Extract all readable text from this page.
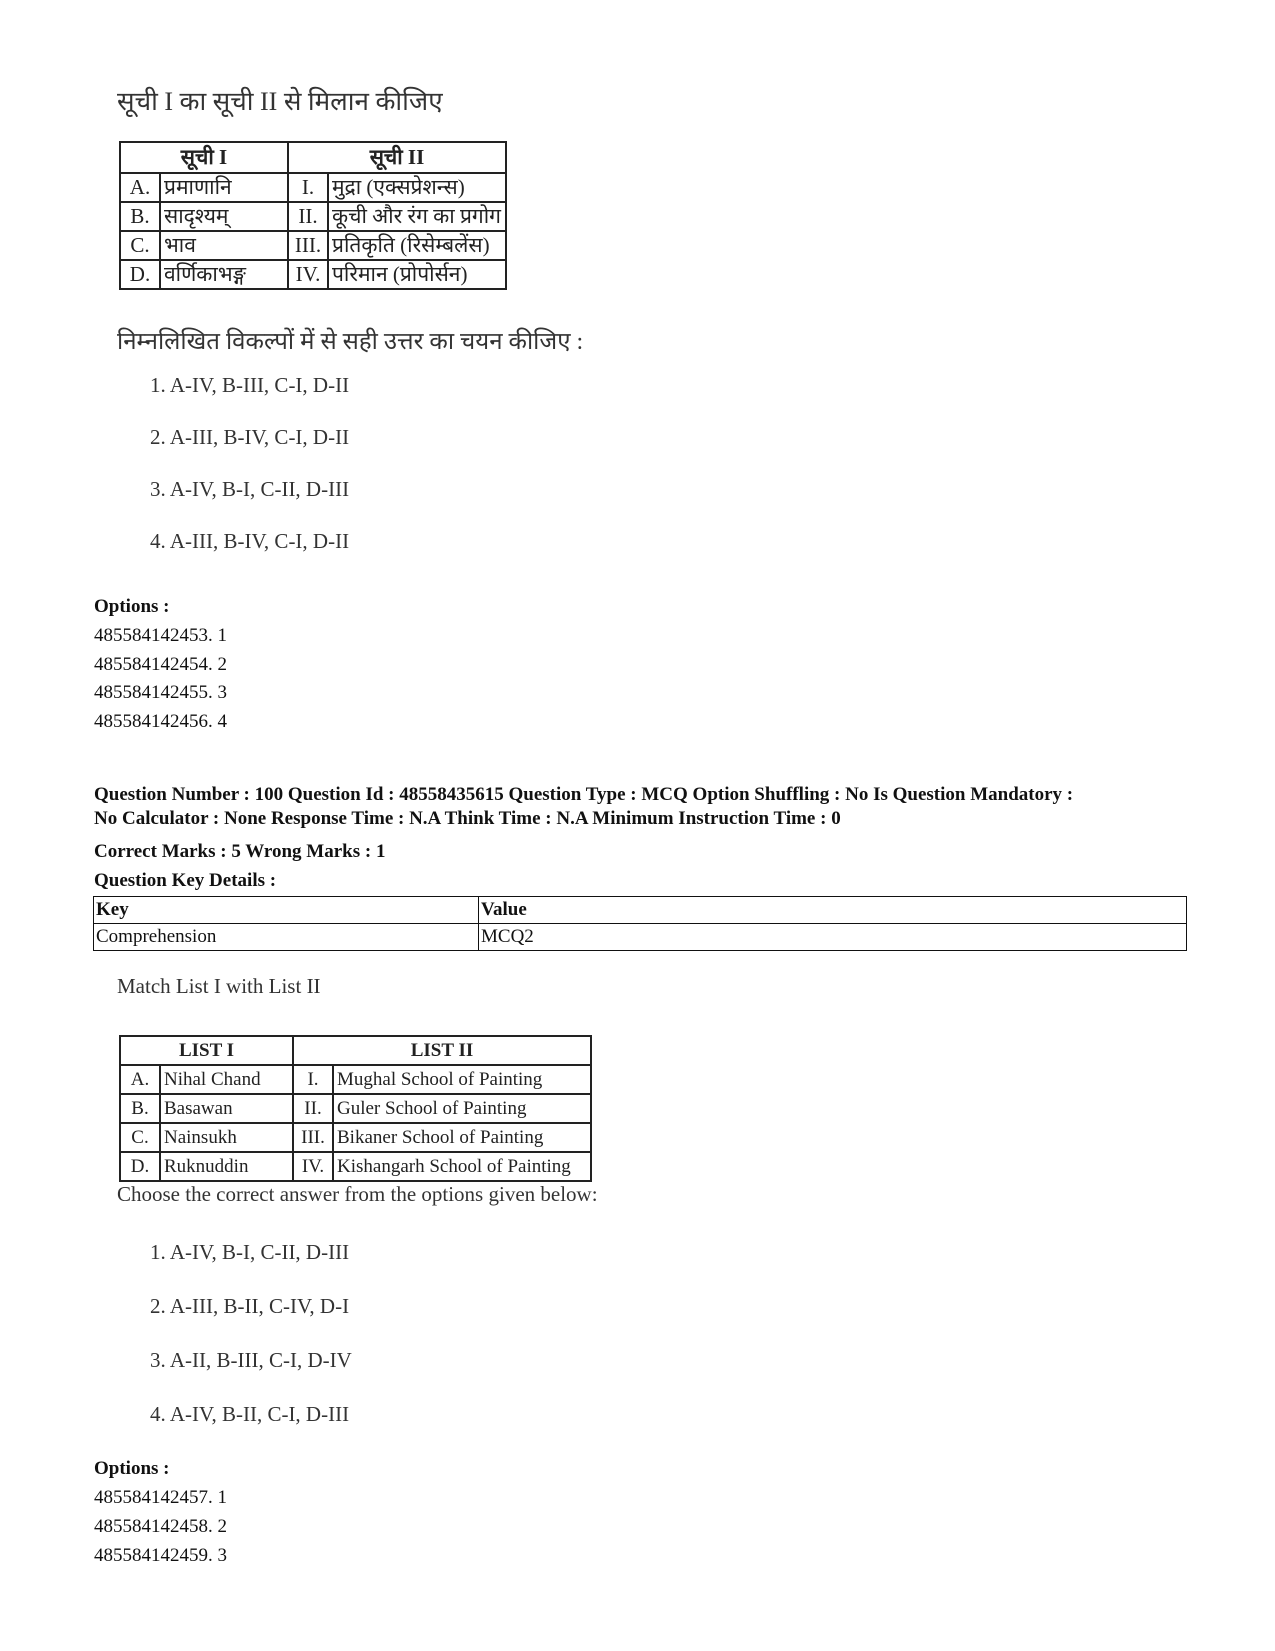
सूची I का सूची II से मिलान कीजिए
सूची I		सूची II	
A.	प्रमाणानि	I.	मुद्रा (एक्सप्रेशन्स)
B.	सादृश्यम्	II.	कूची और रंग का प्रगोग
C.	भाव	III.	प्रतिकृति (रिसेम्बलेंस)
D.	वर्णिकाभङ्ग	IV.	परिमान (प्रोपोर्सन)
निम्नलिखित विकल्पों में से सही उत्तर का चयन कीजिए :
1. A-IV, B-III, C-I, D-II
2. A-III, B-IV, C-I, D-II
3. A-IV, B-I, C-II, D-III
4. A-III, B-IV, C-I, D-II
Options :
485584142453. 1
485584142454. 2
485584142455. 3
485584142456. 4
Question Number : 100 Question Id : 48558435615 Question Type : MCQ Option Shuffling : No Is Question Mandatory :
No Calculator : None Response Time : N.A Think Time : N.A Minimum Instruction Time : 0
Correct Marks : 5 Wrong Marks : 1
Question Key Details :
Key	Value
Comprehension	MCQ2
Match List I with List II
LIST I		LIST II	
A.	Nihal Chand	I.	Mughal School of Painting
B.	Basawan	II.	Guler School of Painting
C.	Nainsukh	III.	Bikaner School of Painting
D.	Ruknuddin	IV.	Kishangarh School of Painting
Choose the correct answer from the options given below:
1. A-IV, B-I, C-II, D-III
2. A-III, B-II, C-IV, D-I
3. A-II, B-III, C-I, D-IV
4. A-IV, B-II, C-I, D-III
Options :
485584142457. 1
485584142458. 2
485584142459. 3
